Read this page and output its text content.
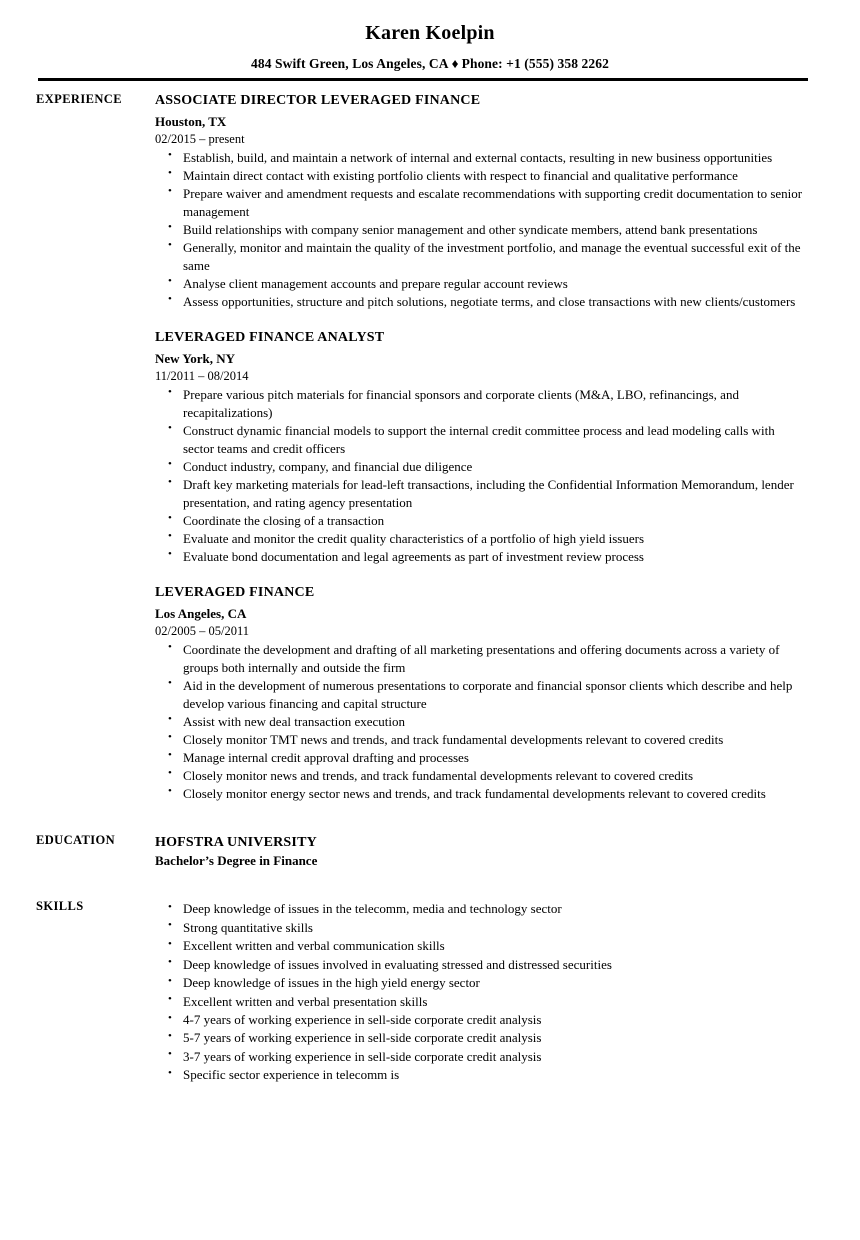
Karen Koelpin
484 Swift Green, Los Angeles, CA ♦ Phone: +1 (555) 358 2262
EXPERIENCE	ASSOCIATE DIRECTOR LEVERAGED FINANCE
Houston, TX
02/2015 – present
• Establish, build, and maintain a network of internal and external contacts, resulting in new business opportunities
• Maintain direct contact with existing portfolio clients with respect to financial and qualitative performance
• Prepare waiver and amendment requests and escalate recommendations with supporting credit documentation to senior management
• Build relationships with company senior management and other syndicate members, attend bank presentations
• Generally, monitor and maintain the quality of the investment portfolio, and manage the eventual successful exit of the same
• Analyse client management accounts and prepare regular account reviews
• Assess opportunities, structure and pitch solutions, negotiate terms, and close transactions with new clients/customers
LEVERAGED FINANCE ANALYST
New York, NY
11/2011 – 08/2014
• Prepare various pitch materials for financial sponsors and corporate clients (M&A, LBO, refinancings, and recapitalizations)
• Construct dynamic financial models to support the internal credit committee process and lead modeling calls with sector teams and credit officers
• Conduct industry, company, and financial due diligence
• Draft key marketing materials for lead-left transactions, including the Confidential Information Memorandum, lender presentation, and rating agency presentation
• Coordinate the closing of a transaction
• Evaluate and monitor the credit quality characteristics of a portfolio of high yield issuers
• Evaluate bond documentation and legal agreements as part of investment review process
LEVERAGED FINANCE
Los Angeles, CA
02/2005 – 05/2011
• Coordinate the development and drafting of all marketing presentations and offering documents across a variety of groups both internally and outside the firm
• Aid in the development of numerous presentations to corporate and financial sponsor clients which describe and help develop various financing and capital structure
• Assist with new deal transaction execution
• Closely monitor TMT news and trends, and track fundamental developments relevant to covered credits
• Manage internal credit approval drafting and processes
• Closely monitor news and trends, and track fundamental developments relevant to covered credits
• Closely monitor energy sector news and trends, and track fundamental developments relevant to covered credits
EDUCATION	HOFSTRA UNIVERSITY
Bachelor’s Degree in Finance
SKILLS	• Deep knowledge of issues in the telecomm, media and technology sector
• Strong quantitative skills
• Excellent written and verbal communication skills
• Deep knowledge of issues involved in evaluating stressed and distressed securities
• Deep knowledge of issues in the high yield energy sector
• Excellent written and verbal presentation skills
• 4-7 years of working experience in sell-side corporate credit analysis
• 5-7 years of working experience in sell-side corporate credit analysis
• 3-7 years of working experience in sell-side corporate credit analysis
• Specific sector experience in telecomm is
